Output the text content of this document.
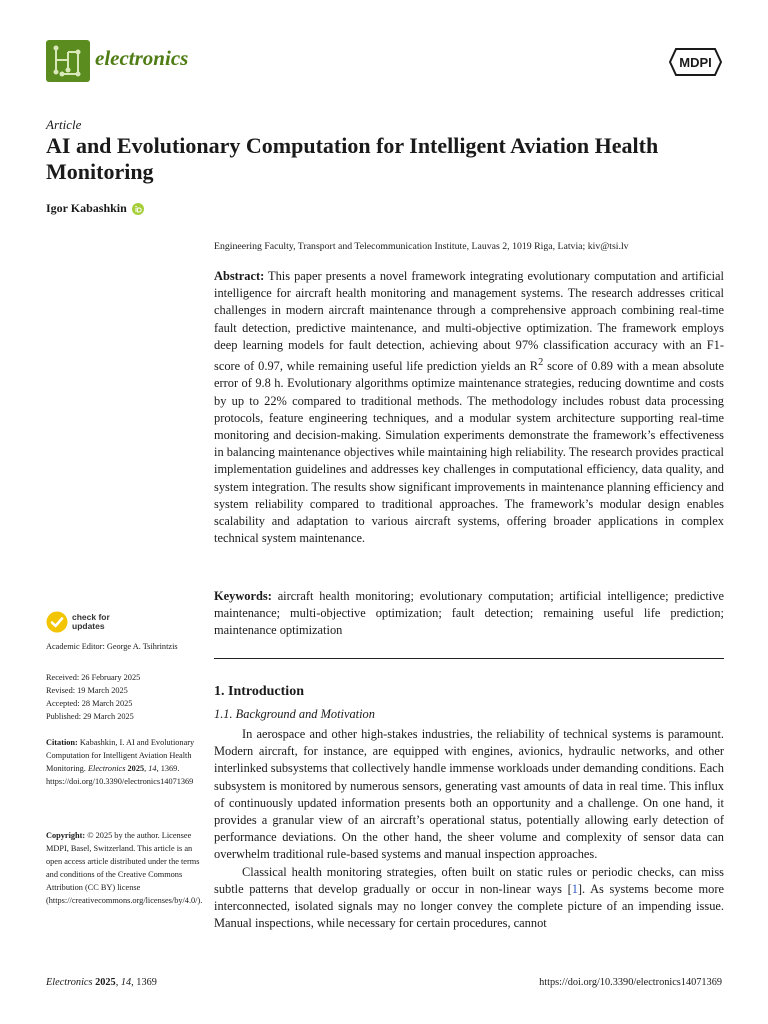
electronics	MDPI
Article
AI and Evolutionary Computation for Intelligent Aviation Health Monitoring
Igor Kabashkin
Engineering Faculty, Transport and Telecommunication Institute, Lauvas 2, 1019 Riga, Latvia; kiv@tsi.lv

Abstract: This paper presents a novel framework integrating evolutionary computation and artificial intelligence for aircraft health monitoring and management systems. The research addresses critical challenges in modern aircraft maintenance through a comprehensive approach combining real-time fault detection, predictive maintenance, and multi-objective optimization. The framework employs deep learning models for fault detection, achieving about 97% classification accuracy with an F1-score of 0.97, while remaining useful life prediction yields an $R^2$ score of 0.89 with a mean absolute error of 9.8 h. Evolutionary algorithms optimize maintenance strategies, reducing downtime and costs by up to 22% compared to traditional methods. The methodology includes robust data processing protocols, feature engineering techniques, and a modular system architecture supporting real-time monitoring and decision-making. Simulation experiments demonstrate the framework’s effectiveness in balancing maintenance objectives while maintaining high reliability. The research provides practical implementation guidelines and addresses key challenges in computational efficiency, data quality, and system integration. The results show significant improvements in maintenance planning efficiency and system reliability compared to traditional approaches. The framework’s modular design enables scalability and adaptation to various aircraft systems, offering broader applications in complex technical system maintenance.

Keywords: aircraft health monitoring; evolutionary computation; artificial intelligence; predictive maintenance; multi-objective optimization; fault detection; remaining useful life prediction; maintenance optimization

check for
updates
Academic Editor: George A. Tsihrintzis
Received: 26 February 2025
Revised: 19 March 2025
Accepted: 28 March 2025
Published: 29 March 2025
Citation: Kabashkin, I. AI and Evolutionary Computation for Intelligent Aviation Health Monitoring. Electronics 2025, 14, 1369. https://doi.org/10.3390/electronics14071369
Copyright: © 2025 by the author. Licensee MDPI, Basel, Switzerland. This article is an open access article distributed under the terms and conditions of the Creative Commons Attribution (CC BY) license (https://creativecommons.org/licenses/by/4.0/).
1. Introduction
1.1. Background and Motivation

In aerospace and other high-stakes industries, the reliability of technical systems is paramount. Modern aircraft, for instance, are equipped with engines, avionics, hydraulic networks, and other interlinked subsystems that collectively handle immense workloads under demanding conditions. Each subsystem is monitored by numerous sensors, generating vast amounts of data in real time. This influx of continuously updated information presents both an opportunity and a challenge. On one hand, it provides a granular view of an aircraft’s operational status, potentially allowing early detection of performance deviations. On the other hand, the sheer volume and complexity of sensor data can overwhelm traditional rule-based systems and manual inspection approaches.

Classical health monitoring strategies, often built on static rules or periodic checks, can miss subtle patterns that develop gradually or occur in non-linear ways [1]. As systems become more interconnected, isolated signals may no longer convey the complete picture of an impending issue. Manual inspections, while necessary for certain procedures, cannot

Electronics 2025, 14, 1369	https://doi.org/10.3390/electronics14071369
